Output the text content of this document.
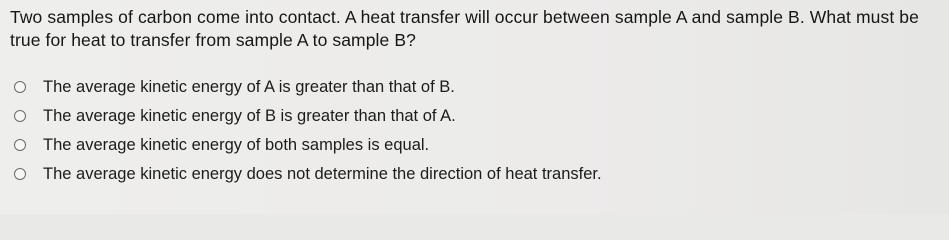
Two samples of carbon come into contact. A heat transfer will occur between sample A and sample B. What must be true for heat to transfer from sample A to sample B?
The average kinetic energy of A is greater than that of B.
The average kinetic energy of B is greater than that of A.
The average kinetic energy of both samples is equal.
The average kinetic energy does not determine the direction of heat transfer.
